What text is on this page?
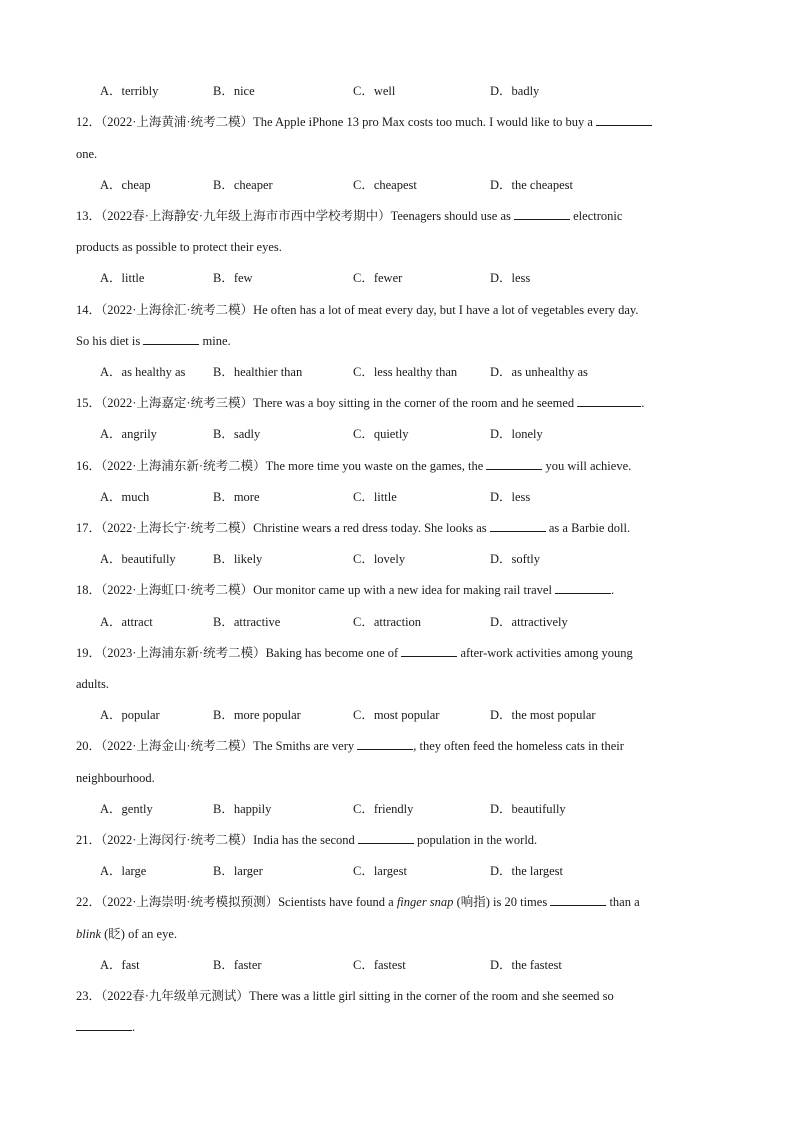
A．terribly	B．nice	C．well	D．badly
12．（2022·上海黄浦·统考二模）The Apple iPhone 13 pro Max costs too much. I would like to buy a
one.
A．cheap	B．cheaper	C．cheapest	D．the cheapest
13．（2022春·上海静安·九年级上海市市西中学校考期中）Teenagers should use as	electronic
products as possible to protect their eyes.
A．little	B．few	C．fewer	D．less
14．（2022·上海徐汇·统考二模）He often has a lot of meat every day, but I have a lot of vegetables every day.
So his diet is	mine.
A．as healthy as B．healthier than	C．less healthy than	D．as unhealthy as
15．（2022·上海嘉定·统考三模）There was a boy sitting in the corner of the room and he seemed	.
A．angrily	B．sadly	C．quietly	D．lonely
16．（2022·上海浦东新·统考二模）The more time you waste on the games, the	you will achieve.
A．much	B．more	C．little	D．less
17．（2022·上海长宁·统考二模）Christine wears a red dress today. She looks as	as a Barbie doll.
A．beautifully	B．likely	C．lovely	D．softly
18．（2022·上海虹口·统考二模）Our monitor came up with a new idea for making rail travel	.
A．attract	B．attractive	C．attraction	D．attractively
19．（2023·上海浦东新·统考二模）Baking has become one of	after-work activities among young
adults.
A．popular	B．more popular	C．most popular	D．the most popular
20．（2022·上海金山·统考二模）The Smiths are very	, they often feed the homeless cats in their
neighbourhood.
A．gently	B．happily	C．friendly	D．beautifully
21．（2022·上海闵行·统考二模）India has the second	population in the world.
A．large	B．larger	C．largest	D．the largest
22．（2022·上海崇明·统考模拟预测）Scientists have found a finger snap (响指) is 20 times	than a
blink (眨) of an eye.
A．fast	B．faster	C．fastest	D．the fastest
23．（2022春·九年级单元测试）There was a little girl sitting in the corner of the room and she seemed so
.
